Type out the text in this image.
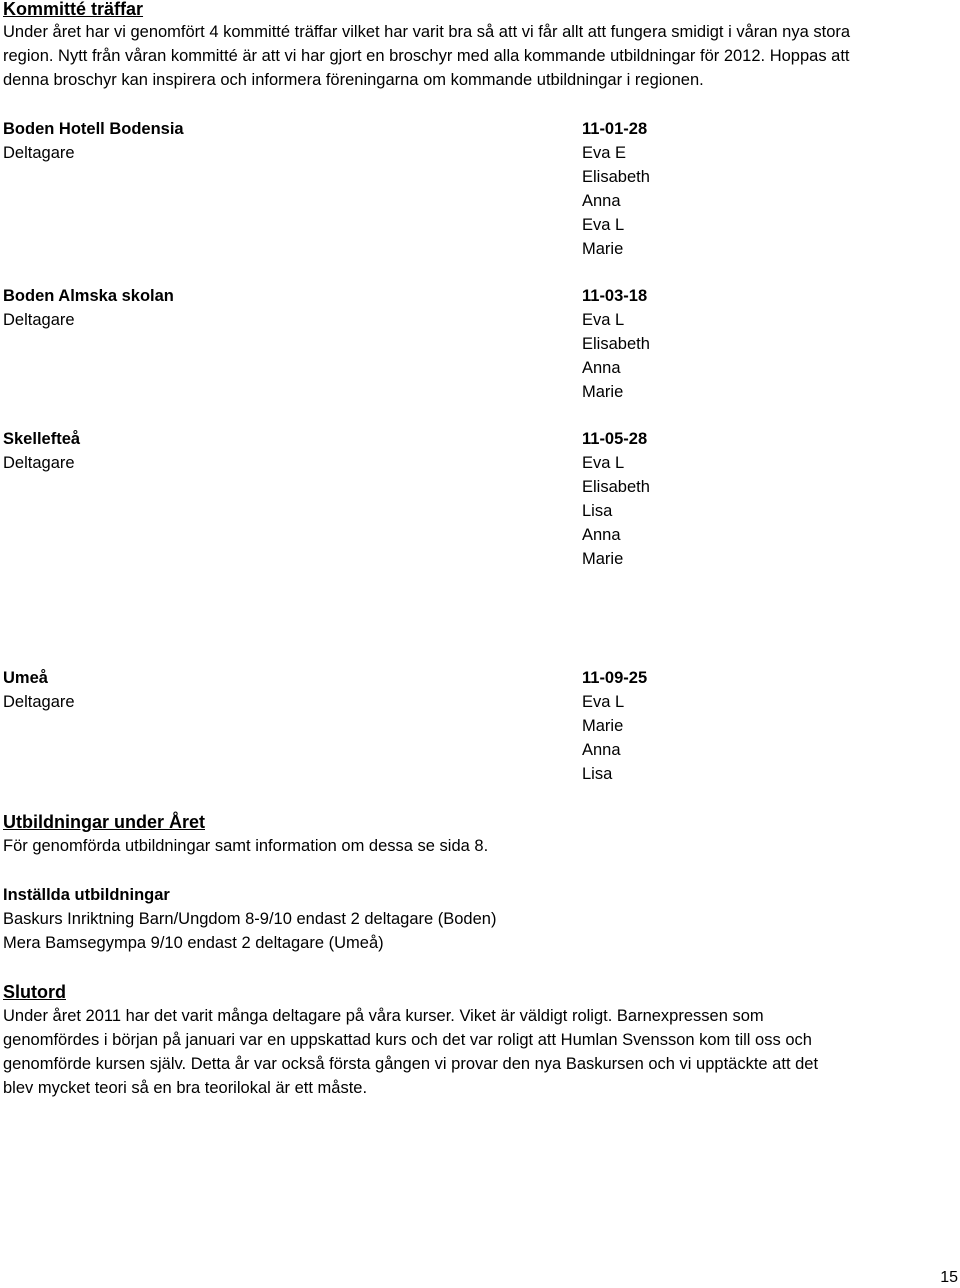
Kommitté träffar
Under året har vi genomfört 4 kommitté träffar vilket har varit bra så att vi får allt att fungera smidigt i våran nya stora
region. Nytt från våran kommitté är att vi har gjort en broschyr med alla kommande utbildningar för 2012. Hoppas att
denna broschyr kan inspirera och informera föreningarna om kommande utbildningar i regionen.
Boden Hotell Bodensia	11-01-28
Deltagare	Eva E
Elisabeth
Anna
Eva L
Marie
Boden Almska skolan	11-03-18
Deltagare	Eva L
Elisabeth
Anna
Marie
Skellefteå	11-05-28
Deltagare	Eva L
Elisabeth
Lisa
Anna
Marie
Umeå	11-09-25
Deltagare	Eva L
Marie
Anna
Lisa
Utbildningar under Året
För genomförda utbildningar samt information om dessa se sida 8.
Inställda utbildningar
Baskurs Inriktning Barn/Ungdom 8-9/10 endast 2 deltagare (Boden)
Mera Bamsegympa 9/10 endast 2 deltagare (Umeå)
Slutord
Under året 2011 har det varit många deltagare på våra kurser. Viket är väldigt roligt. Barnexpressen som
genomfördes i början på januari var en uppskattad kurs och det var roligt att Humlan Svensson kom till oss och
genomförde kursen själv. Detta år var också första gången vi provar den nya Baskursen och vi upptäckte att det
blev mycket teori så en bra teorilokal är ett måste.
15
